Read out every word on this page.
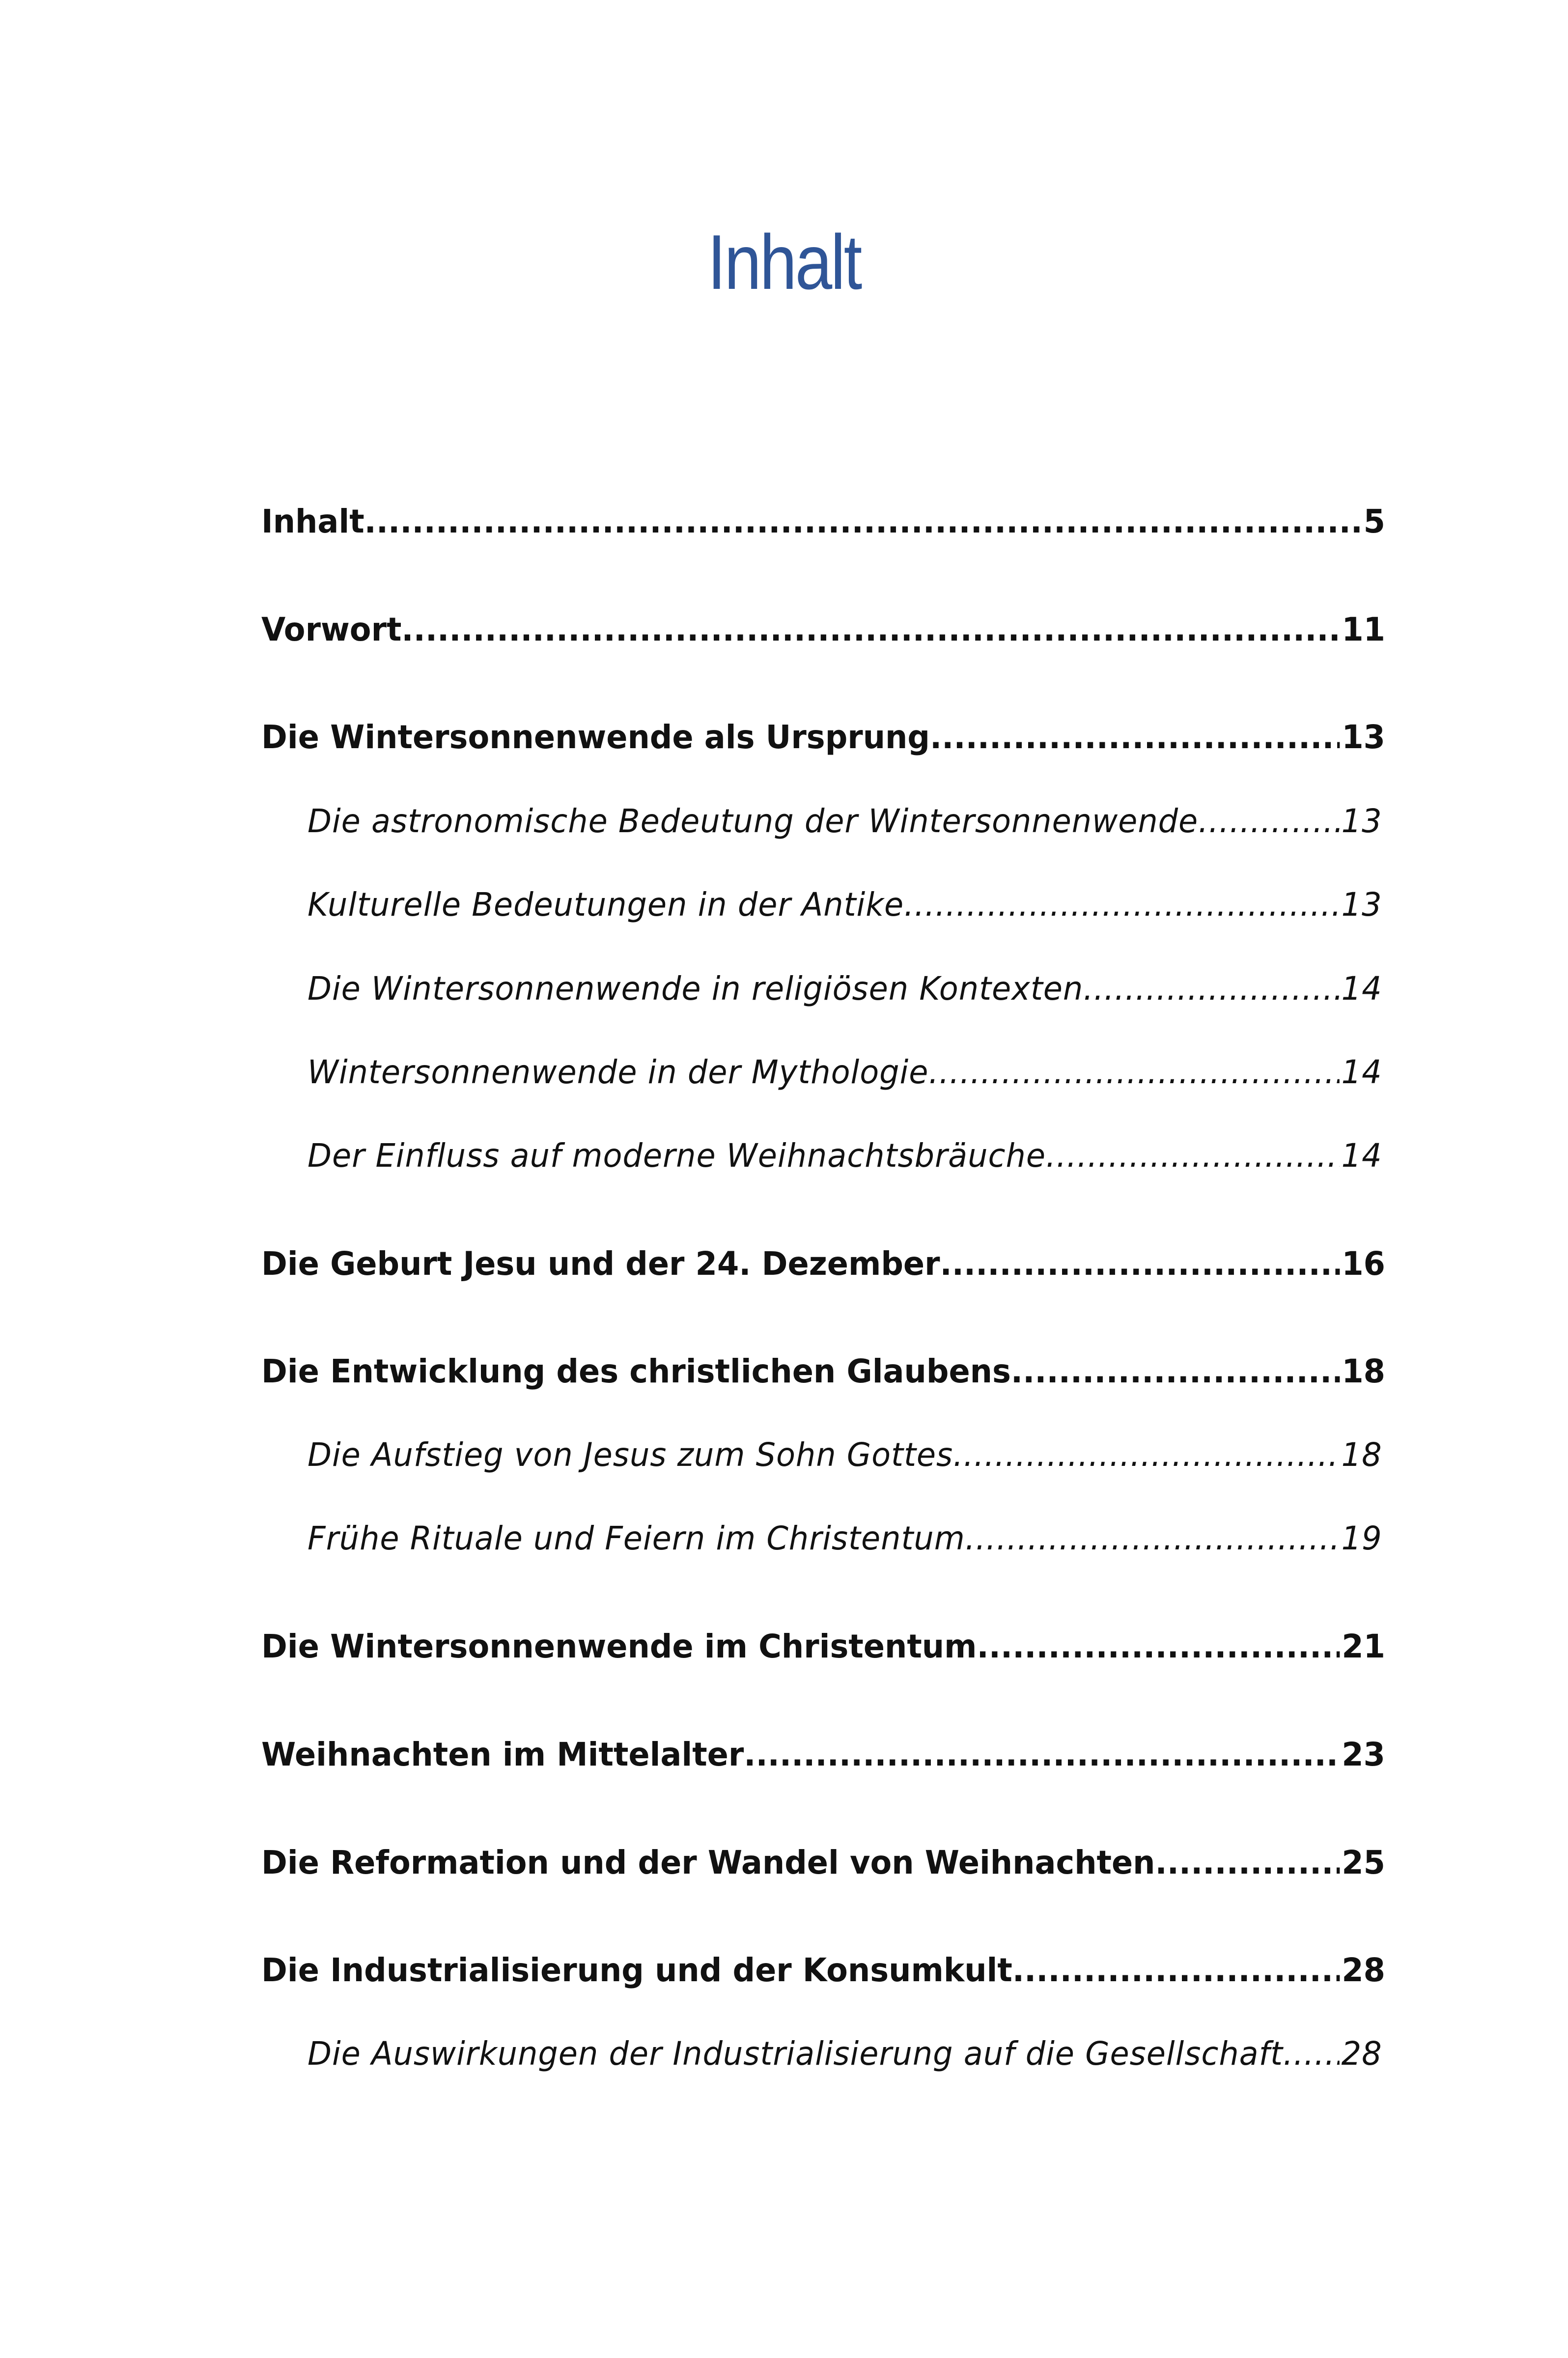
Inhalt
Inhalt .....	5
Vorwort .....	11
Die Wintersonnenwende als Ursprung .....	13
Die astronomische Bedeutung der Wintersonnenwende .....	13
Kulturelle Bedeutungen in der Antike .....	13
Die Wintersonnenwende in religiösen Kontexten .....	14
Wintersonnenwende in der Mythologie .....	14
Der Einfluss auf moderne Weihnachtsbräuche .....	14
Die Geburt Jesu und der 24. Dezember .....	16
Die Entwicklung des christlichen Glaubens .....	18
Die Aufstieg von Jesus zum Sohn Gottes .....	18
Frühe Rituale und Feiern im Christentum .....	19
Die Wintersonnenwende im Christentum .....	21
Weihnachten im Mittelalter .....	23
Die Reformation und der Wandel von Weihnachten .....	25
Die Industrialisierung und der Konsumkult .....	28
Die Auswirkungen der Industrialisierung auf die Gesellschaft ..... 28
